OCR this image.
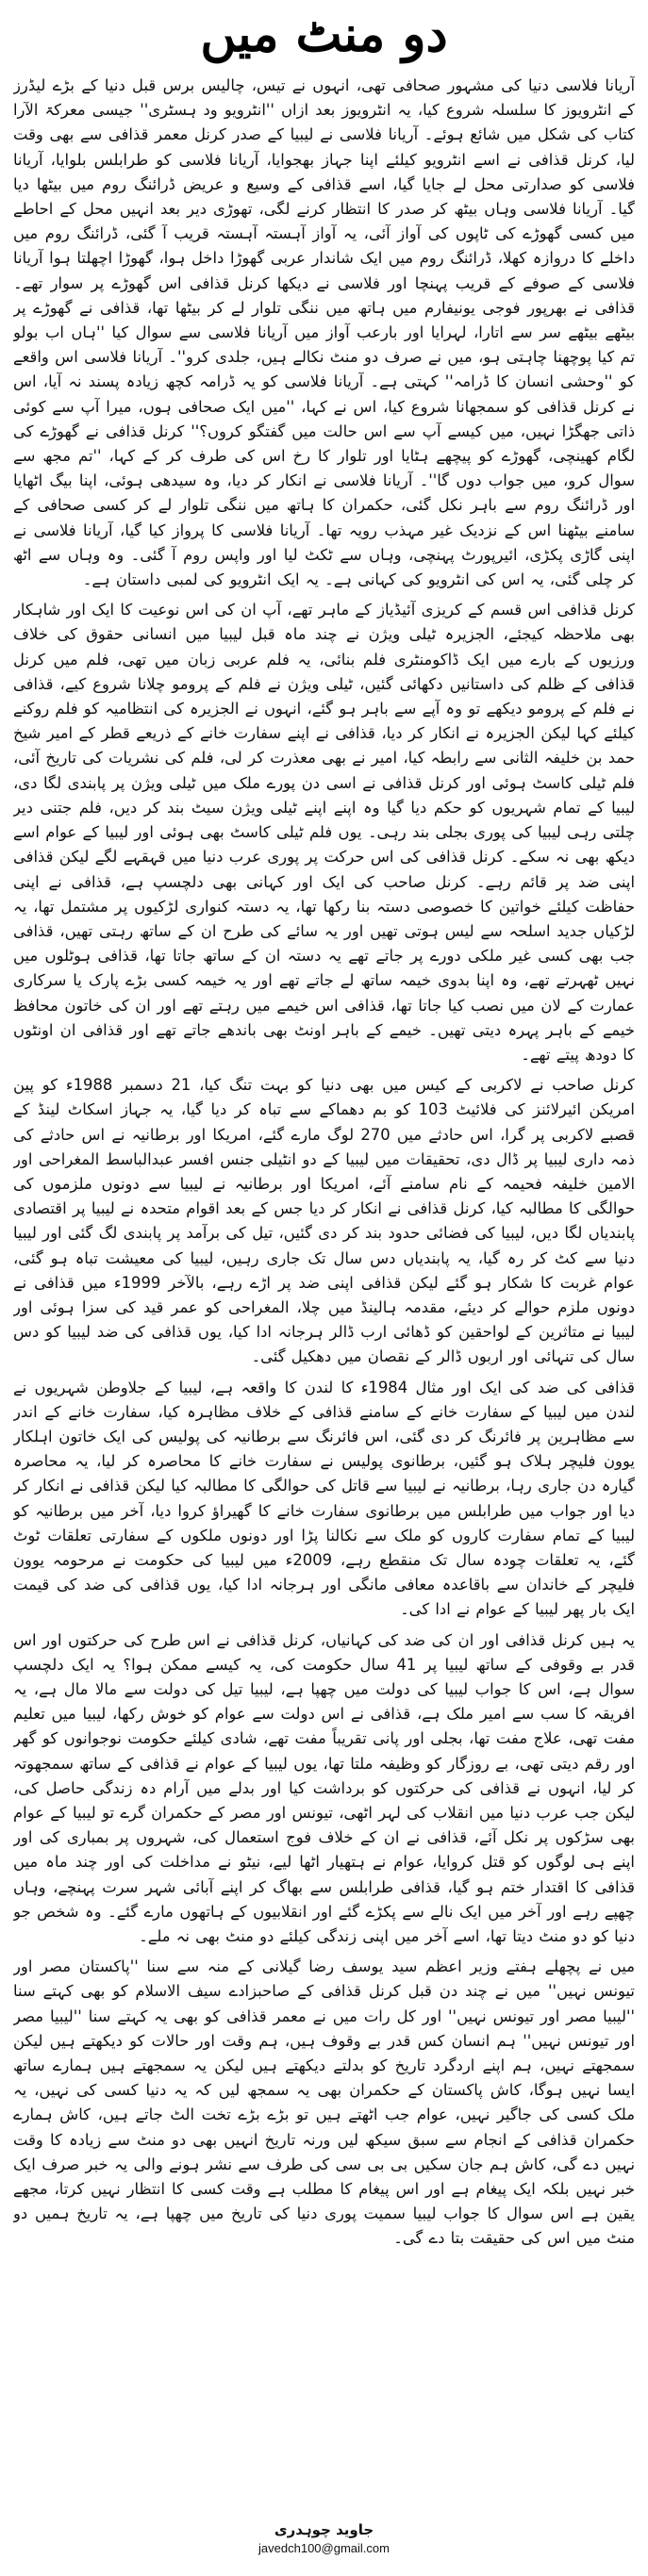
دو منٹ میں

آریانا فلاسی دنیا کی مشہور صحافی تھی، انہوں نے تیس، چالیس برس قبل دنیا کے بڑے لیڈرز کے انٹرویوز کا سلسلہ شروع کیا، یہ انٹرویوز بعد ازاں ''انٹرویو ود ہسٹری'' جیسی معرکۃ الآرا کتاب کی شکل میں شائع ہوئے۔ آریانا فلاسی نے لیبیا کے صدر کرنل معمر قذافی سے بھی وقت لیا، کرنل قذافی نے اسے انٹرویو کیلئے اپنا جہاز بھجوایا، آریانا فلاسی کو طرابلس بلوایا، آریانا فلاسی کو صدارتی محل لے جایا گیا، اسے قذافی کے وسیع و عریض ڈرائنگ روم میں بیٹھا دیا گیا۔ آریانا فلاسی وہاں بیٹھ کر صدر کا انتظار کرنے لگی، تھوڑی دیر بعد انہیں محل کے احاطے میں کسی گھوڑے کی ٹاپوں کی آواز آئی، یہ آواز آہستہ آہستہ قریب آ گئی، ڈرائنگ روم میں داخلے کا دروازہ کھلا، ڈرائنگ روم میں ایک شاندار عربی گھوڑا داخل ہوا، گھوڑا اچھلتا ہوا آریانا فلاسی کے صوفے کے قریب پہنچا اور فلاسی نے دیکھا کرنل قذافی اس گھوڑے پر سوار تھے۔ قذافی نے بھرپور فوجی یونیفارم میں ہاتھ میں ننگی تلوار لے کر بیٹھا تھا، قذافی نے گھوڑے پر بیٹھے بیٹھے سر سے اتارا، لہرایا اور بارعب آواز میں آریانا فلاسی سے سوال کیا ''ہاں اب بولو تم کیا پوچھنا چاہتی ہو، میں نے صرف دو منٹ نکالے ہیں، جلدی کرو''۔ آریانا فلاسی اس واقعے کو ''وحشی انسان کا ڈرامہ'' کہتی ہے۔ آریانا فلاسی کو یہ ڈرامہ کچھ زیادہ پسند نہ آیا، اس نے کرنل قذافی کو سمجھانا شروع کیا، اس نے کہا، ''میں ایک صحافی ہوں، میرا آپ سے کوئی ذاتی جھگڑا نہیں، میں کیسے آپ سے اس حالت میں گفتگو کروں؟'' کرنل قذافی نے گھوڑے کی لگام کھینچی، گھوڑے کو پیچھے ہٹایا اور تلوار کا رخ اس کی طرف کر کے کہا، ''تم مجھ سے سوال کرو، میں جواب دوں گا''۔ آریانا فلاسی نے انکار کر دیا، وہ سیدھی ہوئی، اپنا بیگ اٹھایا اور ڈرائنگ روم سے باہر نکل گئی، حکمران کا ہاتھ میں ننگی تلوار لے کر کسی صحافی کے سامنے بیٹھنا اس کے نزدیک غیر مہذب رویہ تھا۔ آریانا فلاسی کا پرواز کیا گیا، آریانا فلاسی نے اپنی گاڑی پکڑی، ائیرپورٹ پہنچی، وہاں سے ٹکٹ لیا اور واپس روم آ گئی۔ وہ وہاں سے اٹھ کر چلی گئی، یہ اس کی انٹرویو کی کہانی ہے۔ یہ ایک انٹرویو کی لمبی داستان ہے۔

کرنل قذافی اس قسم کے کریزی آئیڈیاز کے ماہر تھے، آپ ان کی اس نوعیت کا ایک اور شاہکار بھی ملاحظہ کیجئے، الجزیرہ ٹیلی ویژن نے چند ماہ قبل لیبیا میں انسانی حقوق کی خلاف ورزیوں کے بارے میں ایک ڈاکومنٹری فلم بنائی، یہ فلم عربی زبان میں تھی، فلم میں کرنل قذافی کے ظلم کی داستانیں دکھائی گئیں، ٹیلی ویژن نے فلم کے پرومو چلانا شروع کیے، قذافی نے فلم کے پرومو دیکھے تو وہ آپے سے باہر ہو گئے، انہوں نے الجزیرہ کی انتظامیہ کو فلم روکنے کیلئے کہا لیکن الجزیرہ نے انکار کر دیا، قذافی نے اپنے سفارت خانے کے ذریعے قطر کے امیر شیخ حمد بن خلیفہ الثانی سے رابطہ کیا، امیر نے بھی معذرت کر لی، فلم کی نشریات کی تاریخ آئی، فلم ٹیلی کاسٹ ہوئی اور کرنل قذافی نے اسی دن پورے ملک میں ٹیلی ویژن پر پابندی لگا دی، لیبیا کے تمام شہریوں کو حکم دیا گیا وہ اپنے اپنے ٹیلی ویژن سیٹ بند کر دیں، فلم جتنی دیر چلتی رہی لیبیا کی پوری بجلی بند رہی۔ یوں فلم ٹیلی کاسٹ بھی ہوئی اور لیبیا کے عوام اسے دیکھ بھی نہ سکے۔ کرنل قذافی کی اس حرکت پر پوری عرب دنیا میں قہقہے لگے لیکن قذافی اپنی ضد پر قائم رہے۔ کرنل صاحب کی ایک اور کہانی بھی دلچسپ ہے، قذافی نے اپنی حفاظت کیلئے خواتین کا خصوصی دستہ بنا رکھا تھا، یہ دستہ کنواری لڑکیوں پر مشتمل تھا، یہ لڑکیاں جدید اسلحہ سے لیس ہوتی تھیں اور یہ سائے کی طرح ان کے ساتھ رہتی تھیں، قذافی جب بھی کسی غیر ملکی دورے پر جاتے تھے یہ دستہ ان کے ساتھ جاتا تھا، قذافی ہوٹلوں میں نہیں ٹھہرتے تھے، وہ اپنا بدوی خیمہ ساتھ لے جاتے تھے اور یہ خیمہ کسی بڑے پارک یا سرکاری عمارت کے لان میں نصب کیا جاتا تھا، قذافی اس خیمے میں رہتے تھے اور ان کی خاتون محافظ خیمے کے باہر پہرہ دیتی تھیں۔ خیمے کے باہر اونٹ بھی باندھے جاتے تھے اور قذافی ان اونٹوں کا دودھ پیتے تھے۔

کرنل صاحب نے لاکربی کے کیس میں بھی دنیا کو بہت تنگ کیا، 21 دسمبر 1988ء کو پین امریکن ائیرلائنز کی فلائیٹ 103 کو بم دھماکے سے تباہ کر دیا گیا، یہ جہاز اسکاٹ لینڈ کے قصبے لاکربی پر گرا، اس حادثے میں 270 لوگ مارے گئے، امریکا اور برطانیہ نے اس حادثے کی ذمہ داری لیبیا پر ڈال دی، تحقیقات میں لیبیا کے دو انٹیلی جنس افسر عبدالباسط المغراحی اور الامین خلیفہ فحیمہ کے نام سامنے آئے، امریکا اور برطانیہ نے لیبیا سے دونوں ملزموں کی حوالگی کا مطالبہ کیا، کرنل قذافی نے انکار کر دیا جس کے بعد اقوام متحدہ نے لیبیا پر اقتصادی پابندیاں لگا دیں، لیبیا کی فضائی حدود بند کر دی گئیں، تیل کی برآمد پر پابندی لگ گئی اور لیبیا دنیا سے کٹ کر رہ گیا، یہ پابندیاں دس سال تک جاری رہیں، لیبیا کی معیشت تباہ ہو گئی، عوام غربت کا شکار ہو گئے لیکن قذافی اپنی ضد پر اڑے رہے، بالآخر 1999ء میں قذافی نے دونوں ملزم حوالے کر دیئے، مقدمہ ہالینڈ میں چلا، المغراحی کو عمر قید کی سزا ہوئی اور لیبیا نے متاثرین کے لواحقین کو ڈھائی ارب ڈالر ہرجانہ ادا کیا، یوں قذافی کی ضد لیبیا کو دس سال کی تنہائی اور اربوں ڈالر کے نقصان میں دھکیل گئی۔

قذافی کی ضد کی ایک اور مثال 1984ء کا لندن کا واقعہ ہے، لیبیا کے جلاوطن شہریوں نے لندن میں لیبیا کے سفارت خانے کے سامنے قذافی کے خلاف مظاہرہ کیا، سفارت خانے کے اندر سے مظاہرین پر فائرنگ کر دی گئی، اس فائرنگ سے برطانیہ کی پولیس کی ایک خاتون اہلکار یوون فلیچر ہلاک ہو گئیں، برطانوی پولیس نے سفارت خانے کا محاصرہ کر لیا، یہ محاصرہ گیارہ دن جاری رہا، برطانیہ نے لیبیا سے قاتل کی حوالگی کا مطالبہ کیا لیکن قذافی نے انکار کر دیا اور جواب میں طرابلس میں برطانوی سفارت خانے کا گھیراؤ کروا دیا، آخر میں برطانیہ کو لیبیا کے تمام سفارت کاروں کو ملک سے نکالنا پڑا اور دونوں ملکوں کے سفارتی تعلقات ٹوٹ گئے، یہ تعلقات چودہ سال تک منقطع رہے، 2009ء میں لیبیا کی حکومت نے مرحومہ یوون فلیچر کے خاندان سے باقاعدہ معافی مانگی اور ہرجانہ ادا کیا، یوں قذافی کی ضد کی قیمت ایک بار پھر لیبیا کے عوام نے ادا کی۔

یہ ہیں کرنل قذافی اور ان کی ضد کی کہانیاں، کرنل قذافی نے اس طرح کی حرکتوں اور اس قدر بے وقوفی کے ساتھ لیبیا پر 41 سال حکومت کی، یہ کیسے ممکن ہوا؟ یہ ایک دلچسپ سوال ہے، اس کا جواب لیبیا کی دولت میں چھپا ہے، لیبیا تیل کی دولت سے مالا مال ہے، یہ افریقہ کا سب سے امیر ملک ہے، قذافی نے اس دولت سے عوام کو خوش رکھا، لیبیا میں تعلیم مفت تھی، علاج مفت تھا، بجلی اور پانی تقریباً مفت تھے، شادی کیلئے حکومت نوجوانوں کو گھر اور رقم دیتی تھی، بے روزگار کو وظیفہ ملتا تھا، یوں لیبیا کے عوام نے قذافی کے ساتھ سمجھوتہ کر لیا، انہوں نے قذافی کی حرکتوں کو برداشت کیا اور بدلے میں آرام دہ زندگی حاصل کی، لیکن جب عرب دنیا میں انقلاب کی لہر اٹھی، تیونس اور مصر کے حکمران گرے تو لیبیا کے عوام بھی سڑکوں پر نکل آئے، قذافی نے ان کے خلاف فوج استعمال کی، شہروں پر بمباری کی اور اپنے ہی لوگوں کو قتل کروایا، عوام نے ہتھیار اٹھا لیے، نیٹو نے مداخلت کی اور چند ماہ میں قذافی کا اقتدار ختم ہو گیا، قذافی طرابلس سے بھاگ کر اپنے آبائی شہر سرت پہنچے، وہاں چھپے رہے اور آخر میں ایک نالے سے پکڑے گئے اور انقلابیوں کے ہاتھوں مارے گئے۔ وہ شخص جو دنیا کو دو منٹ دیتا تھا، اسے آخر میں اپنی زندگی کیلئے دو منٹ بھی نہ ملے۔

میں نے پچھلے ہفتے وزیر اعظم سید یوسف رضا گیلانی کے منہ سے سنا ''پاکستان مصر اور تیونس نہیں'' میں نے چند دن قبل کرنل قذافی کے صاحبزادے سیف الاسلام کو بھی کہتے سنا ''لیبیا مصر اور تیونس نہیں'' اور کل رات میں نے معمر قذافی کو بھی یہ کہتے سنا ''لیبیا مصر اور تیونس نہیں'' ہم انسان کس قدر بے وقوف ہیں، ہم وقت اور حالات کو دیکھتے ہیں لیکن سمجھتے نہیں، ہم اپنے اردگرد تاریخ کو بدلتے دیکھتے ہیں لیکن یہ سمجھتے ہیں ہمارے ساتھ ایسا نہیں ہوگا، کاش پاکستان کے حکمران بھی یہ سمجھ لیں کہ یہ دنیا کسی کی نہیں، یہ ملک کسی کی جاگیر نہیں، عوام جب اٹھتے ہیں تو بڑے بڑے تخت الٹ جاتے ہیں، کاش ہمارے حکمران قذافی کے انجام سے سبق سیکھ لیں ورنہ تاریخ انہیں بھی دو منٹ سے زیادہ کا وقت نہیں دے گی، کاش ہم جان سکیں بی بی سی کی طرف سے نشر ہونے والی یہ خبر صرف ایک خبر نہیں بلکہ ایک پیغام ہے اور اس پیغام کا مطلب ہے وقت کسی کا انتظار نہیں کرتا، مجھے یقین ہے اس سوال کا جواب لیبیا سمیت پوری دنیا کی تاریخ میں چھپا ہے، یہ تاریخ ہمیں دو منٹ میں اس کی حقیقت بتا دے گی۔

جاوید چوہدری
javedch100@gmail.com
